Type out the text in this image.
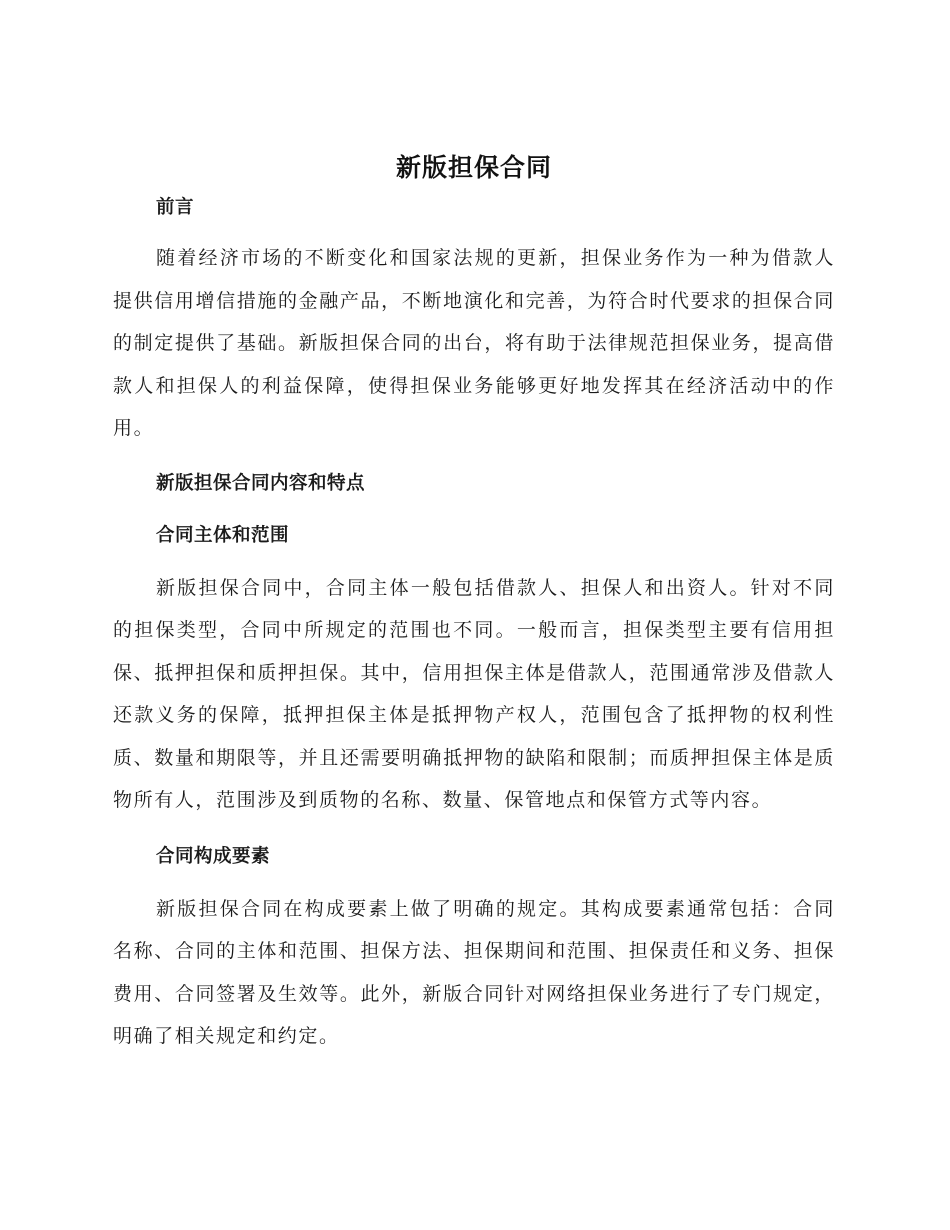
新版担保合同

前言

随着经济市场的不断变化和国家法规的更新，担保业务作为一种为借款人提供信用增信措施的金融产品，不断地演化和完善，为符合时代要求的担保合同的制定提供了基础。新版担保合同的出台，将有助于法律规范担保业务，提高借款人和担保人的利益保障，使得担保业务能够更好地发挥其在经济活动中的作用。

新版担保合同内容和特点

合同主体和范围

新版担保合同中，合同主体一般包括借款人、担保人和出资人。针对不同的担保类型，合同中所规定的范围也不同。一般而言，担保类型主要有信用担保、抵押担保和质押担保。其中，信用担保主体是借款人，范围通常涉及借款人还款义务的保障，抵押担保主体是抵押物产权人，范围包含了抵押物的权利性质、数量和期限等，并且还需要明确抵押物的缺陷和限制；而质押担保主体是质物所有人，范围涉及到质物的名称、数量、保管地点和保管方式等内容。

合同构成要素

新版担保合同在构成要素上做了明确的规定。其构成要素通常包括：合同名称、合同的主体和范围、担保方法、担保期间和范围、担保责任和义务、担保费用、合同签署及生效等。此外，新版合同针对网络担保业务进行了专门规定，明确了相关规定和约定。
